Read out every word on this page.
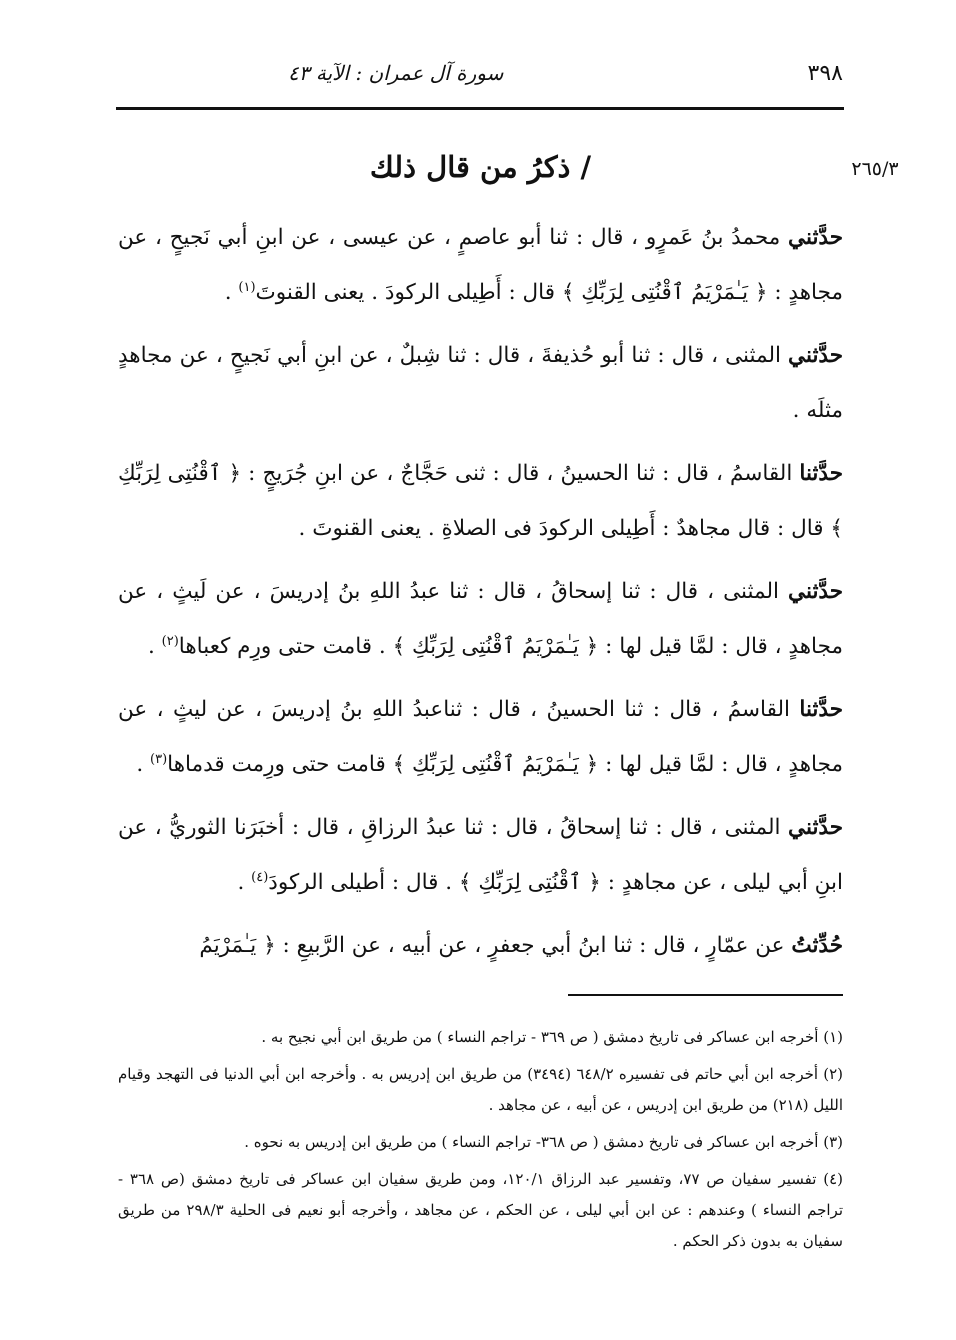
٣٩٨
سورة آل عمران : الآية ٤٣
٢٦٥/٣
/ ذكرُ من قال ذلك

حدَّثني محمدُ بنُ عَمرٍو ، قال : ثنا أبو عاصمٍ ، عن عيسى ، عن ابنِ أبي نَجيحٍ ، عن مجاهدٍ : ﴿ يَـٰمَرْيَمُ ٱقْنُتِى لِرَبِّكِ ﴾ قال : أَطِيلى الركودَ . يعنى القنوتَ$^{(١)}$ .

حدَّثني المثنى ، قال : ثنا أبو حُذيفةَ ، قال : ثنا شِبلٌ ، عن ابنِ أبي نَجيحٍ ، عن مجاهدٍ مثلَه .

حدَّثنا القاسمُ ، قال : ثنا الحسينُ ، قال : ثنى حَجَّاجٌ ، عن ابنِ جُرَيجٍ : ﴿ ٱقْنُتِى لِرَبِّكِ ﴾ قال : قال مجاهدٌ : أَطِيلى الركودَ فى الصلاةِ . يعنى القنوتَ .

حدَّثني المثنى ، قال : ثنا إسحاقُ ، قال : ثنا عبدُ اللهِ بنُ إدريسَ ، عن لَيثٍ ، عن مجاهدٍ ، قال : لمَّا قيل لها : ﴿ يَـٰمَرْيَمُ ٱقْنُتِى لِرَبِّكِ ﴾ . قامت حتى ورِم كعباها$^{(٢)}$ .

حدَّثنا القاسمُ ، قال : ثنا الحسينُ ، قال : ثناعبدُ اللهِ بنُ إدريسَ ، عن ليثٍ ، عن مجاهدٍ ، قال : لمَّا قيل لها : ﴿ يَـٰمَرْيَمُ ٱقْنُتِى لِرَبِّكِ ﴾ قامت حتى ورِمت قدماها$^{(٣)}$ .

حدَّثني المثنى ، قال : ثنا إسحاقُ ، قال : ثنا عبدُ الرزاقِ ، قال : أخبَرَنا الثوريُّ ، عن ابنِ أبي ليلى ، عن مجاهدٍ : ﴿ ٱقْنُتِى لِرَبِّكِ ﴾ . قال : أطيلى الركودَ$^{(٤)}$ .

حُدِّثتُ عن عمّارٍ ، قال : ثنا ابنُ أبي جعفرٍ ، عن أبيه ، عن الرَّبيعِ : ﴿ يَـٰمَرْيَمُ

(١) أخرجه ابن عساكر فى تاريخ دمشق ( ص ٣٦٩ - تراجم النساء ) من طريق ابن أبي نجيح به .

(٢) أخرجه ابن أبي حاتم فى تفسيره ٦٤٨/٢ (٣٤٩٤) من طريق ابن إدريس به . وأخرجه ابن أبي الدنيا فى التهجد وقيام الليل (٢١٨) من طريق ابن إدريس ، عن أبيه ، عن مجاهد .

(٣) أخرجه ابن عساكر فى تاريخ دمشق ( ص ٣٦٨- تراجم النساء ) من طريق ابن إدريس به نحوه .

(٤) تفسير سفيان ص ٧٧، وتفسير عبد الرزاق ١٢٠/١، ومن طريق سفيان ابن عساكر فى تاريخ دمشق (ص ٣٦٨ - تراجم النساء ) وعندهم : عن ابن أبي ليلى ، عن الحكم ، عن مجاهد ، وأخرجه أبو نعيم فى الحلية ٢٩٨/٣ من طريق سفيان به بدون ذكر الحكم .
